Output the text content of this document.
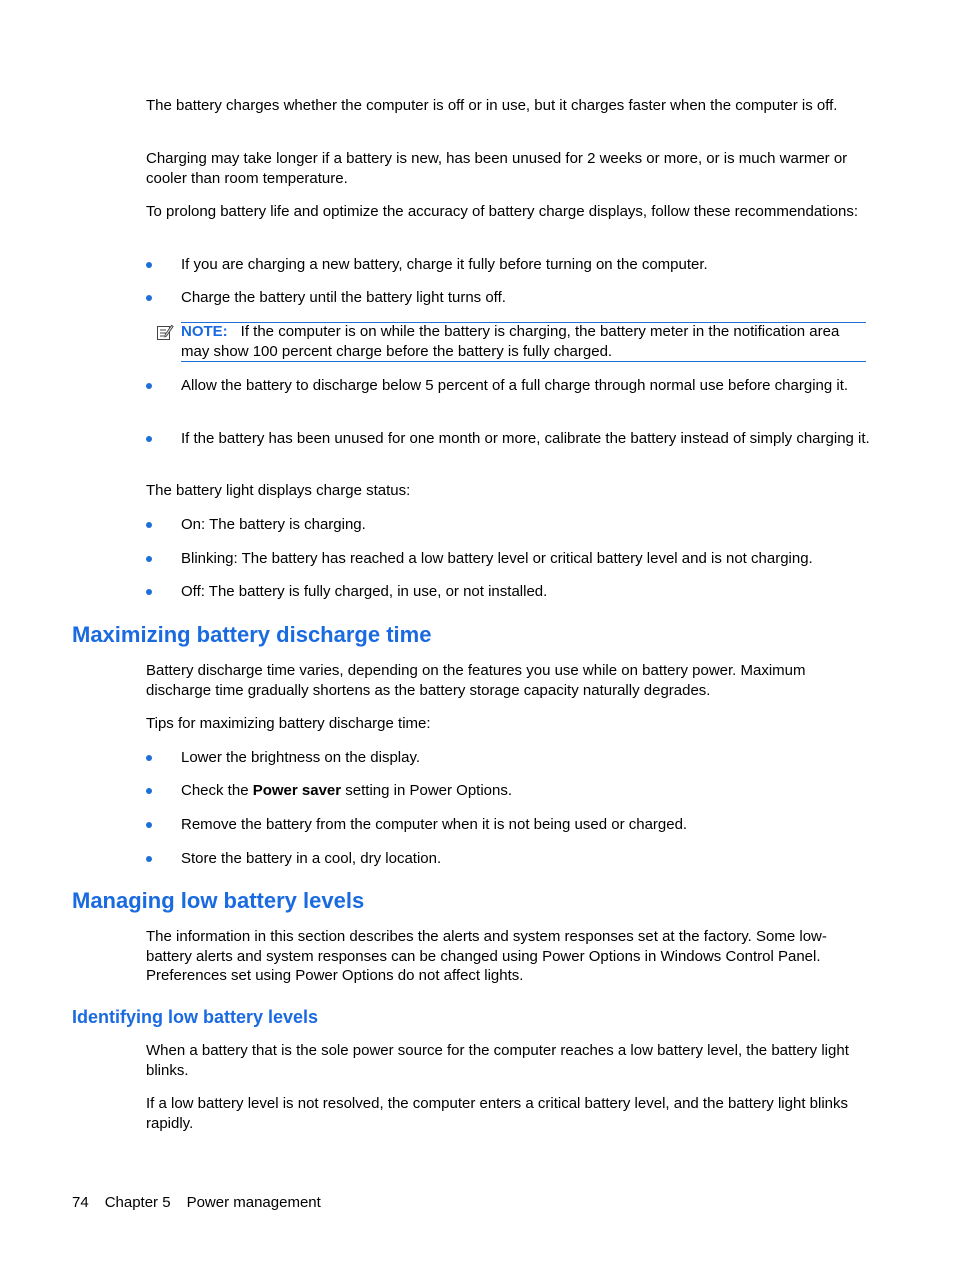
The battery charges whether the computer is off or in use, but it charges faster when the computer is off.

Charging may take longer if a battery is new, has been unused for 2 weeks or more, or is much warmer or cooler than room temperature.

To prolong battery life and optimize the accuracy of battery charge displays, follow these recommendations:

If you are charging a new battery, charge it fully before turning on the computer.
Charge the battery until the battery light turns off.
NOTE: If the computer is on while the battery is charging, the battery meter in the notification area may show 100 percent charge before the battery is fully charged.
Allow the battery to discharge below 5 percent of a full charge through normal use before charging it.
If the battery has been unused for one month or more, calibrate the battery instead of simply charging it.

The battery light displays charge status:

On: The battery is charging.
Blinking: The battery has reached a low battery level or critical battery level and is not charging.
Off: The battery is fully charged, in use, or not installed.
Maximizing battery discharge time

Battery discharge time varies, depending on the features you use while on battery power. Maximum discharge time gradually shortens as the battery storage capacity naturally degrades.

Tips for maximizing battery discharge time:

Lower the brightness on the display.
Check the Power saver setting in Power Options.
Remove the battery from the computer when it is not being used or charged.
Store the battery in a cool, dry location.
Managing low battery levels

The information in this section describes the alerts and system responses set at the factory. Some low-battery alerts and system responses can be changed using Power Options in Windows Control Panel. Preferences set using Power Options do not affect lights.

Identifying low battery levels

When a battery that is the sole power source for the computer reaches a low battery level, the battery light blinks.

If a low battery level is not resolved, the computer enters a critical battery level, and the battery light blinks rapidly.

74 Chapter 5 Power management
